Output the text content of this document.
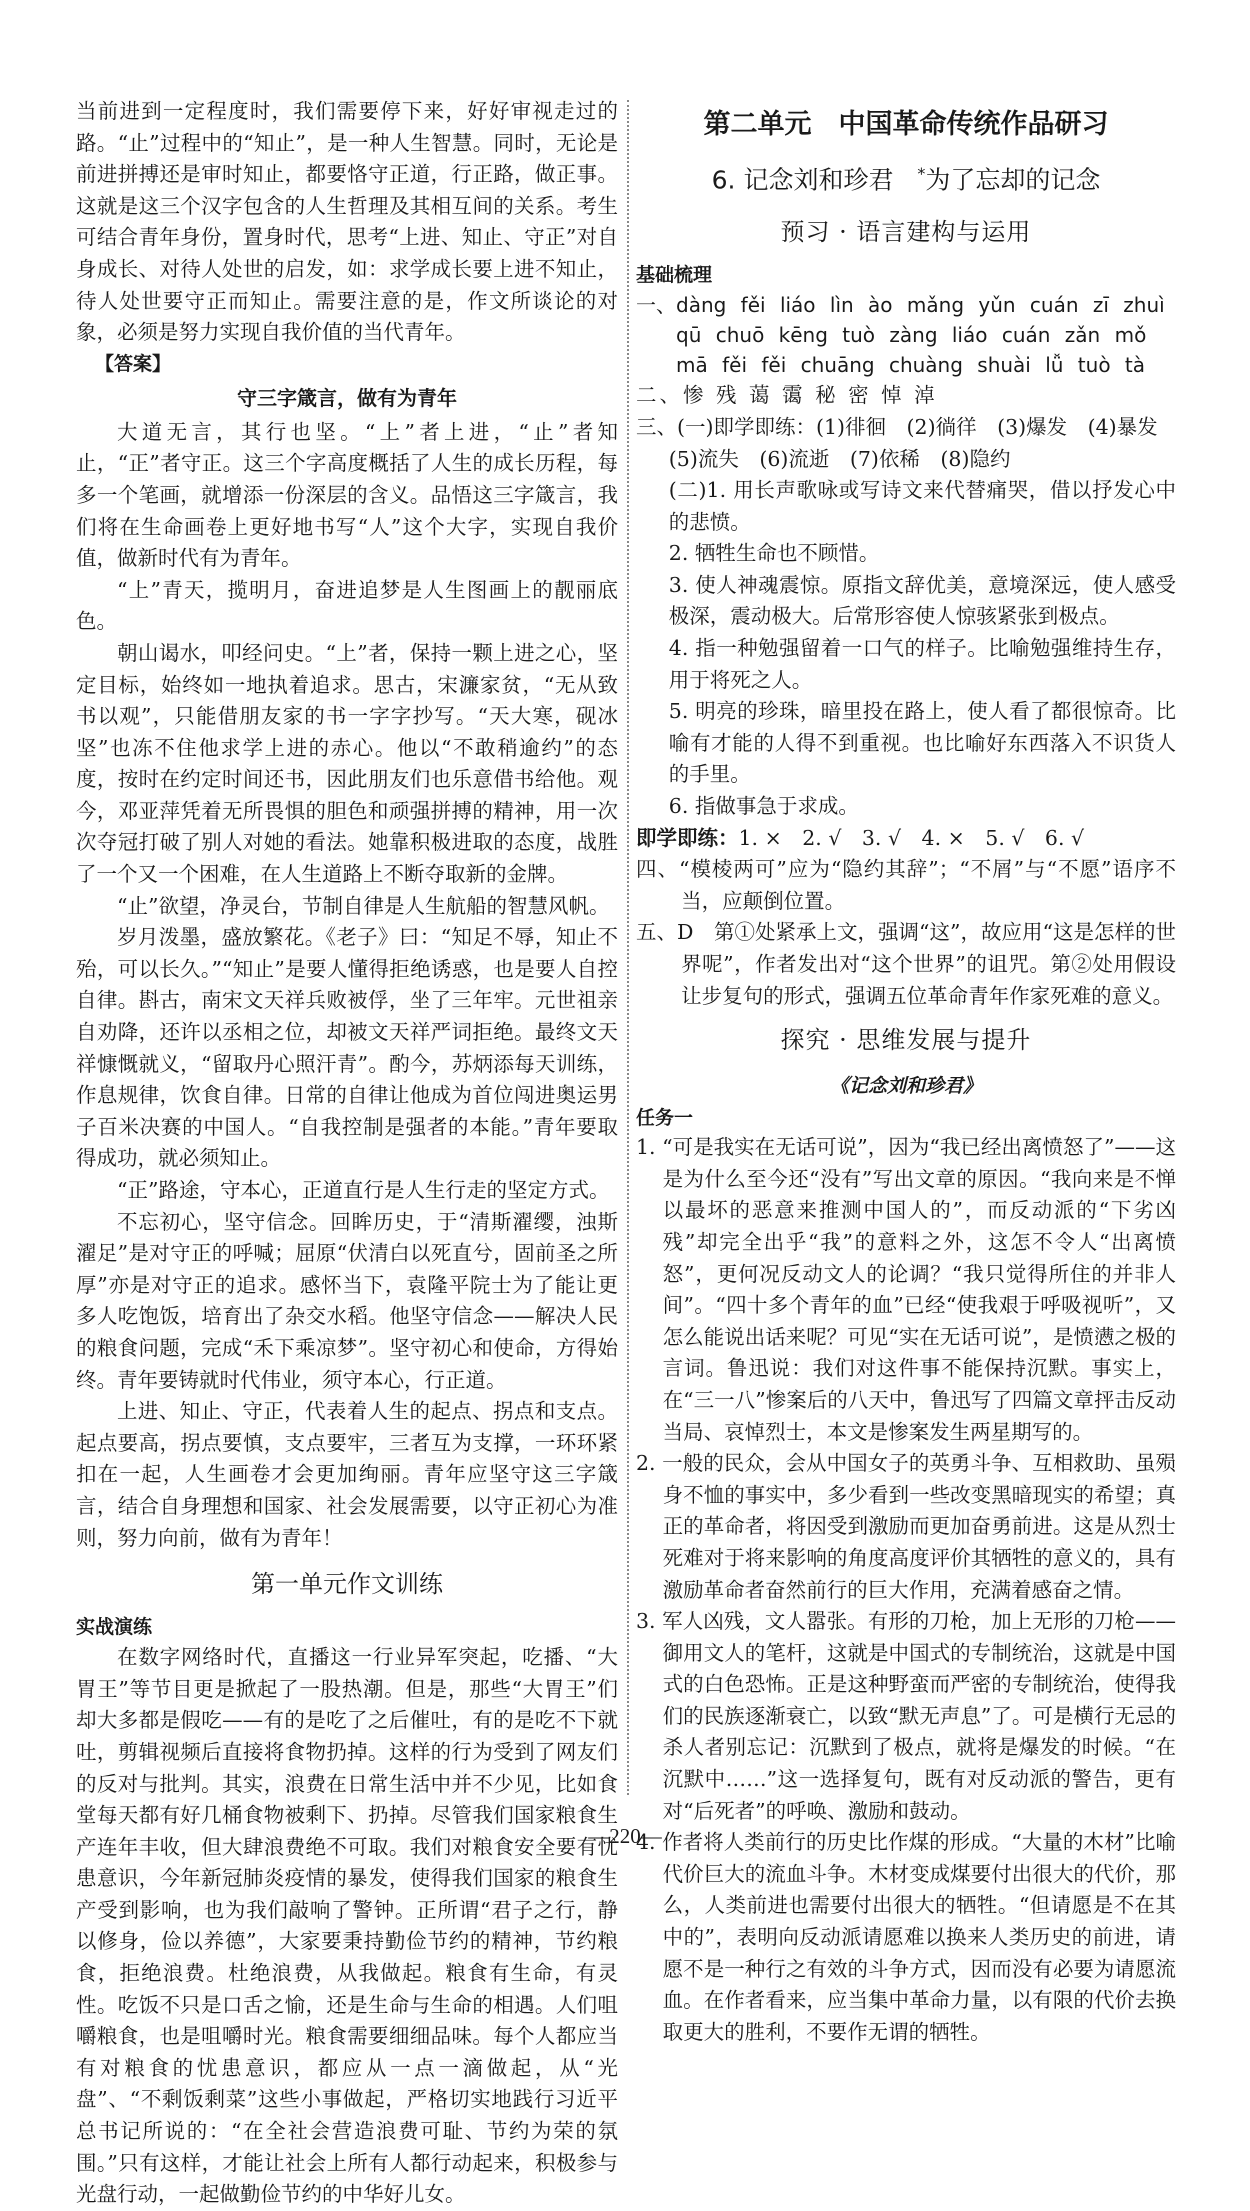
当前进到一定程度时，我们需要停下来，好好审视走过的路。“止”过程中的“知止”，是一种人生智慧。同时，无论是前进拼搏还是审时知止，都要恪守正道，行正路，做正事。这就是这三个汉字包含的人生哲理及其相互间的关系。考生可结合青年身份，置身时代，思考“上进、知止、守正”对自身成长、对待人处世的启发，如：求学成长要上进不知止，待人处世要守正而知止。需要注意的是，作文所谈论的对象，必须是努力实现自我价值的当代青年。

【答案】

守三字箴言，做有为青年

大道无言，其行也坚。“上”者上进，“止”者知止，“正”者守正。这三个字高度概括了人生的成长历程，每多一个笔画，就增添一份深层的含义。品悟这三字箴言，我们将在生命画卷上更好地书写“人”这个大字，实现自我价值，做新时代有为青年。

“上”青天，揽明月，奋进追梦是人生图画上的靓丽底色。

朝山谒水，叩经问史。“上”者，保持一颗上进之心，坚定目标，始终如一地执着追求。思古，宋濂家贫，“无从致书以观”，只能借朋友家的书一字字抄写。“天大寒，砚冰坚”也冻不住他求学上进的赤心。他以“不敢稍逾约”的态度，按时在约定时间还书，因此朋友们也乐意借书给他。观今，邓亚萍凭着无所畏惧的胆色和顽强拼搏的精神，用一次次夺冠打破了别人对她的看法。她靠积极进取的态度，战胜了一个又一个困难，在人生道路上不断夺取新的金牌。

“止”欲望，净灵台，节制自律是人生航船的智慧风帆。

岁月泼墨，盛放繁花。《老子》曰：“知足不辱，知止不殆，可以长久。”“知止”是要人懂得拒绝诱惑，也是要人自控自律。斟古，南宋文天祥兵败被俘，坐了三年牢。元世祖亲自劝降，还许以丞相之位，却被文天祥严词拒绝。最终文天祥慷慨就义，“留取丹心照汗青”。酌今，苏炳添每天训练，作息规律，饮食自律。日常的自律让他成为首位闯进奥运男子百米决赛的中国人。“自我控制是强者的本能。”青年要取得成功，就必须知止。

“正”路途，守本心，正道直行是人生行走的坚定方式。

不忘初心，坚守信念。回眸历史，于“清斯濯缨，浊斯濯足”是对守正的呼喊；屈原“伏清白以死直兮，固前圣之所厚”亦是对守正的追求。感怀当下，袁隆平院士为了能让更多人吃饱饭，培育出了杂交水稻。他坚守信念——解决人民的粮食问题，完成“禾下乘凉梦”。坚守初心和使命，方得始终。青年要铸就时代伟业，须守本心，行正道。

上进、知止、守正，代表着人生的起点、拐点和支点。起点要高，拐点要慎，支点要牢，三者互为支撑，一环环紧扣在一起，人生画卷才会更加绚丽。青年应坚守这三字箴言，结合自身理想和国家、社会发展需要，以守正初心为准则，努力向前，做有为青年！

第一单元作文训练

实战演练

在数字网络时代，直播这一行业异军突起，吃播、“大胃王”等节目更是掀起了一股热潮。但是，那些“大胃王”们却大多都是假吃——有的是吃了之后催吐，有的是吃不下就吐，剪辑视频后直接将食物扔掉。这样的行为受到了网友们的反对与批判。其实，浪费在日常生活中并不少见，比如食堂每天都有好几桶食物被剩下、扔掉。尽管我们国家粮食生产连年丰收，但大肆浪费绝不可取。我们对粮食安全要有忧患意识，今年新冠肺炎疫情的暴发，使得我们国家的粮食生产受到影响，也为我们敲响了警钟。正所谓“君子之行，静以修身，俭以养德”，大家要秉持勤俭节约的精神，节约粮食，拒绝浪费。杜绝浪费，从我做起。粮食有生命，有灵性。吃饭不只是口舌之愉，还是生命与生命的相遇。人们咀嚼粮食，也是咀嚼时光。粮食需要细细品味。每个人都应当有对粮食的忧患意识，都应从一点一滴做起，从“光盘”、“不剩饭剩菜”这些小事做起，严格切实地践行习近平总书记所说的：“在全社会营造浪费可耻、节约为荣的氛围。”只有这样，才能让社会上所有人都行动起来，积极参与光盘行动，一起做勤俭节约的中华好儿女。

第二单元　中国革命传统作品研习

6. 记念刘和珍君 *为了忘却的记念

预习 · 语言建构与运用

基础梳理

一、 dàng fěi liáo lìn ào mǎng yǔn cuán zī zhuì
qū chuō kēng tuò zàng liáo cuán zǎn mǒ
mā fěi fěi chuāng chuàng shuài lǚ tuò tà

二、惨 残 蔼 霭 秘 密 悼 淖

三、(一)即学即练：(1)徘徊　(2)徜徉　(3)爆发　(4)暴发

(5)流失　(6)流逝　(7)依稀　(8)隐约

(二)1. 用长声歌咏或写诗文来代替痛哭，借以抒发心中的悲愤。

2. 牺牲生命也不顾惜。

3. 使人神魂震惊。原指文辞优美，意境深远，使人感受极深，震动极大。后常形容使人惊骇紧张到极点。

4. 指一种勉强留着一口气的样子。比喻勉强维持生存，用于将死之人。

5. 明亮的珍珠，暗里投在路上，使人看了都很惊奇。比喻有才能的人得不到重视。也比喻好东西落入不识货人的手里。

6. 指做事急于求成。

即学即练：1. ×　2. √　3. √　4. ×　5. √　6. √

四、“模棱两可”应为“隐约其辞”；“不屑”与“不愿”语序不当，应颠倒位置。

五、D　第①处紧承上文，强调“这”，故应用“这是怎样的世界呢”，作者发出对“这个世界”的诅咒。第②处用假设让步复句的形式，强调五位革命青年作家死难的意义。

探究 · 思维发展与提升

《记念刘和珍君》

任务一

1. “可是我实在无话可说”，因为“我已经出离愤怒了”——这是为什么至今还“没有”写出文章的原因。“我向来是不惮以最坏的恶意来推测中国人的”，而反动派的“下劣凶残”却完全出乎“我”的意料之外，这怎不令人“出离愤怒”，更何况反动文人的论调？“我只觉得所住的并非人间”。“四十多个青年的血”已经“使我艰于呼吸视听”，又怎么能说出话来呢？可见“实在无话可说”，是愤懑之极的言词。鲁迅说：我们对这件事不能保持沉默。事实上，在“三一八”惨案后的八天中，鲁迅写了四篇文章抨击反动当局、哀悼烈士，本文是惨案发生两星期写的。

2. 一般的民众，会从中国女子的英勇斗争、互相救助、虽殒身不恤的事实中，多少看到一些改变黑暗现实的希望；真正的革命者，将因受到激励而更加奋勇前进。这是从烈士死难对于将来影响的角度高度评价其牺牲的意义的，具有激励革命者奋然前行的巨大作用，充满着感奋之情。

3. 军人凶残，文人嚣张。有形的刀枪，加上无形的刀枪——御用文人的笔杆，这就是中国式的专制统治，这就是中国式的白色恐怖。正是这种野蛮而严密的专制统治，使得我们的民族逐渐衰亡，以致“默无声息”了。可是横行无忌的杀人者别忘记：沉默到了极点，就将是爆发的时候。“在沉默中……”这一选择复句，既有对反动派的警告，更有对“后死者”的呼唤、激励和鼓动。

4. 作者将人类前行的历史比作煤的形成。“大量的木材”比喻代价巨大的流血斗争。木材变成煤要付出很大的代价，那么，人类前进也需要付出很大的牺牲。“但请愿是不在其中的”，表明向反动派请愿难以换来人类历史的前进，请愿不是一种行之有效的斗争方式，因而没有必要为请愿流血。在作者看来，应当集中革命力量，以有限的代价去换取更大的胜利，不要作无谓的牺牲。

—220—
